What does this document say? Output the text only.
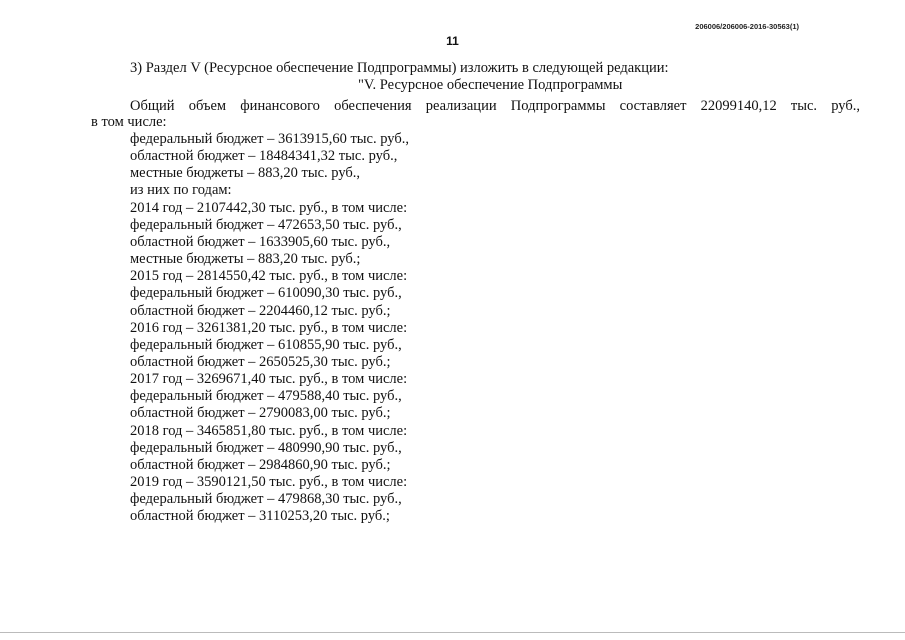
206006/206006-2016-30563(1)
11
3) Раздел V (Ресурсное обеспечение Подпрограммы) изложить в следующей редакции:
"V. Ресурсное обеспечение Подпрограммы
Общий объем финансового обеспечения реализации Подпрограммы составляет 22099140,12 тыс. руб.,
в том числе:
федеральный бюджет – 3613915,60 тыс. руб.,
областной бюджет – 18484341,32 тыс. руб.,
местные бюджеты – 883,20 тыс. руб.,
из них по годам:
2014 год – 2107442,30 тыс. руб., в том числе:
федеральный бюджет – 472653,50 тыс. руб.,
областной бюджет – 1633905,60 тыс. руб.,
местные бюджеты – 883,20 тыс. руб.;
2015 год – 2814550,42 тыс. руб., в том числе:
федеральный бюджет – 610090,30 тыс. руб.,
областной бюджет – 2204460,12 тыс. руб.;
2016 год – 3261381,20 тыс. руб., в том числе:
федеральный бюджет – 610855,90 тыс. руб.,
областной бюджет – 2650525,30 тыс. руб.;
2017 год – 3269671,40 тыс. руб., в том числе:
федеральный бюджет – 479588,40 тыс. руб.,
областной бюджет – 2790083,00 тыс. руб.;
2018 год – 3465851,80 тыс. руб., в том числе:
федеральный бюджет – 480990,90 тыс. руб.,
областной бюджет – 2984860,90 тыс. руб.;
2019 год – 3590121,50 тыс. руб., в том числе:
федеральный бюджет – 479868,30 тыс. руб.,
областной бюджет – 3110253,20 тыс. руб.;
